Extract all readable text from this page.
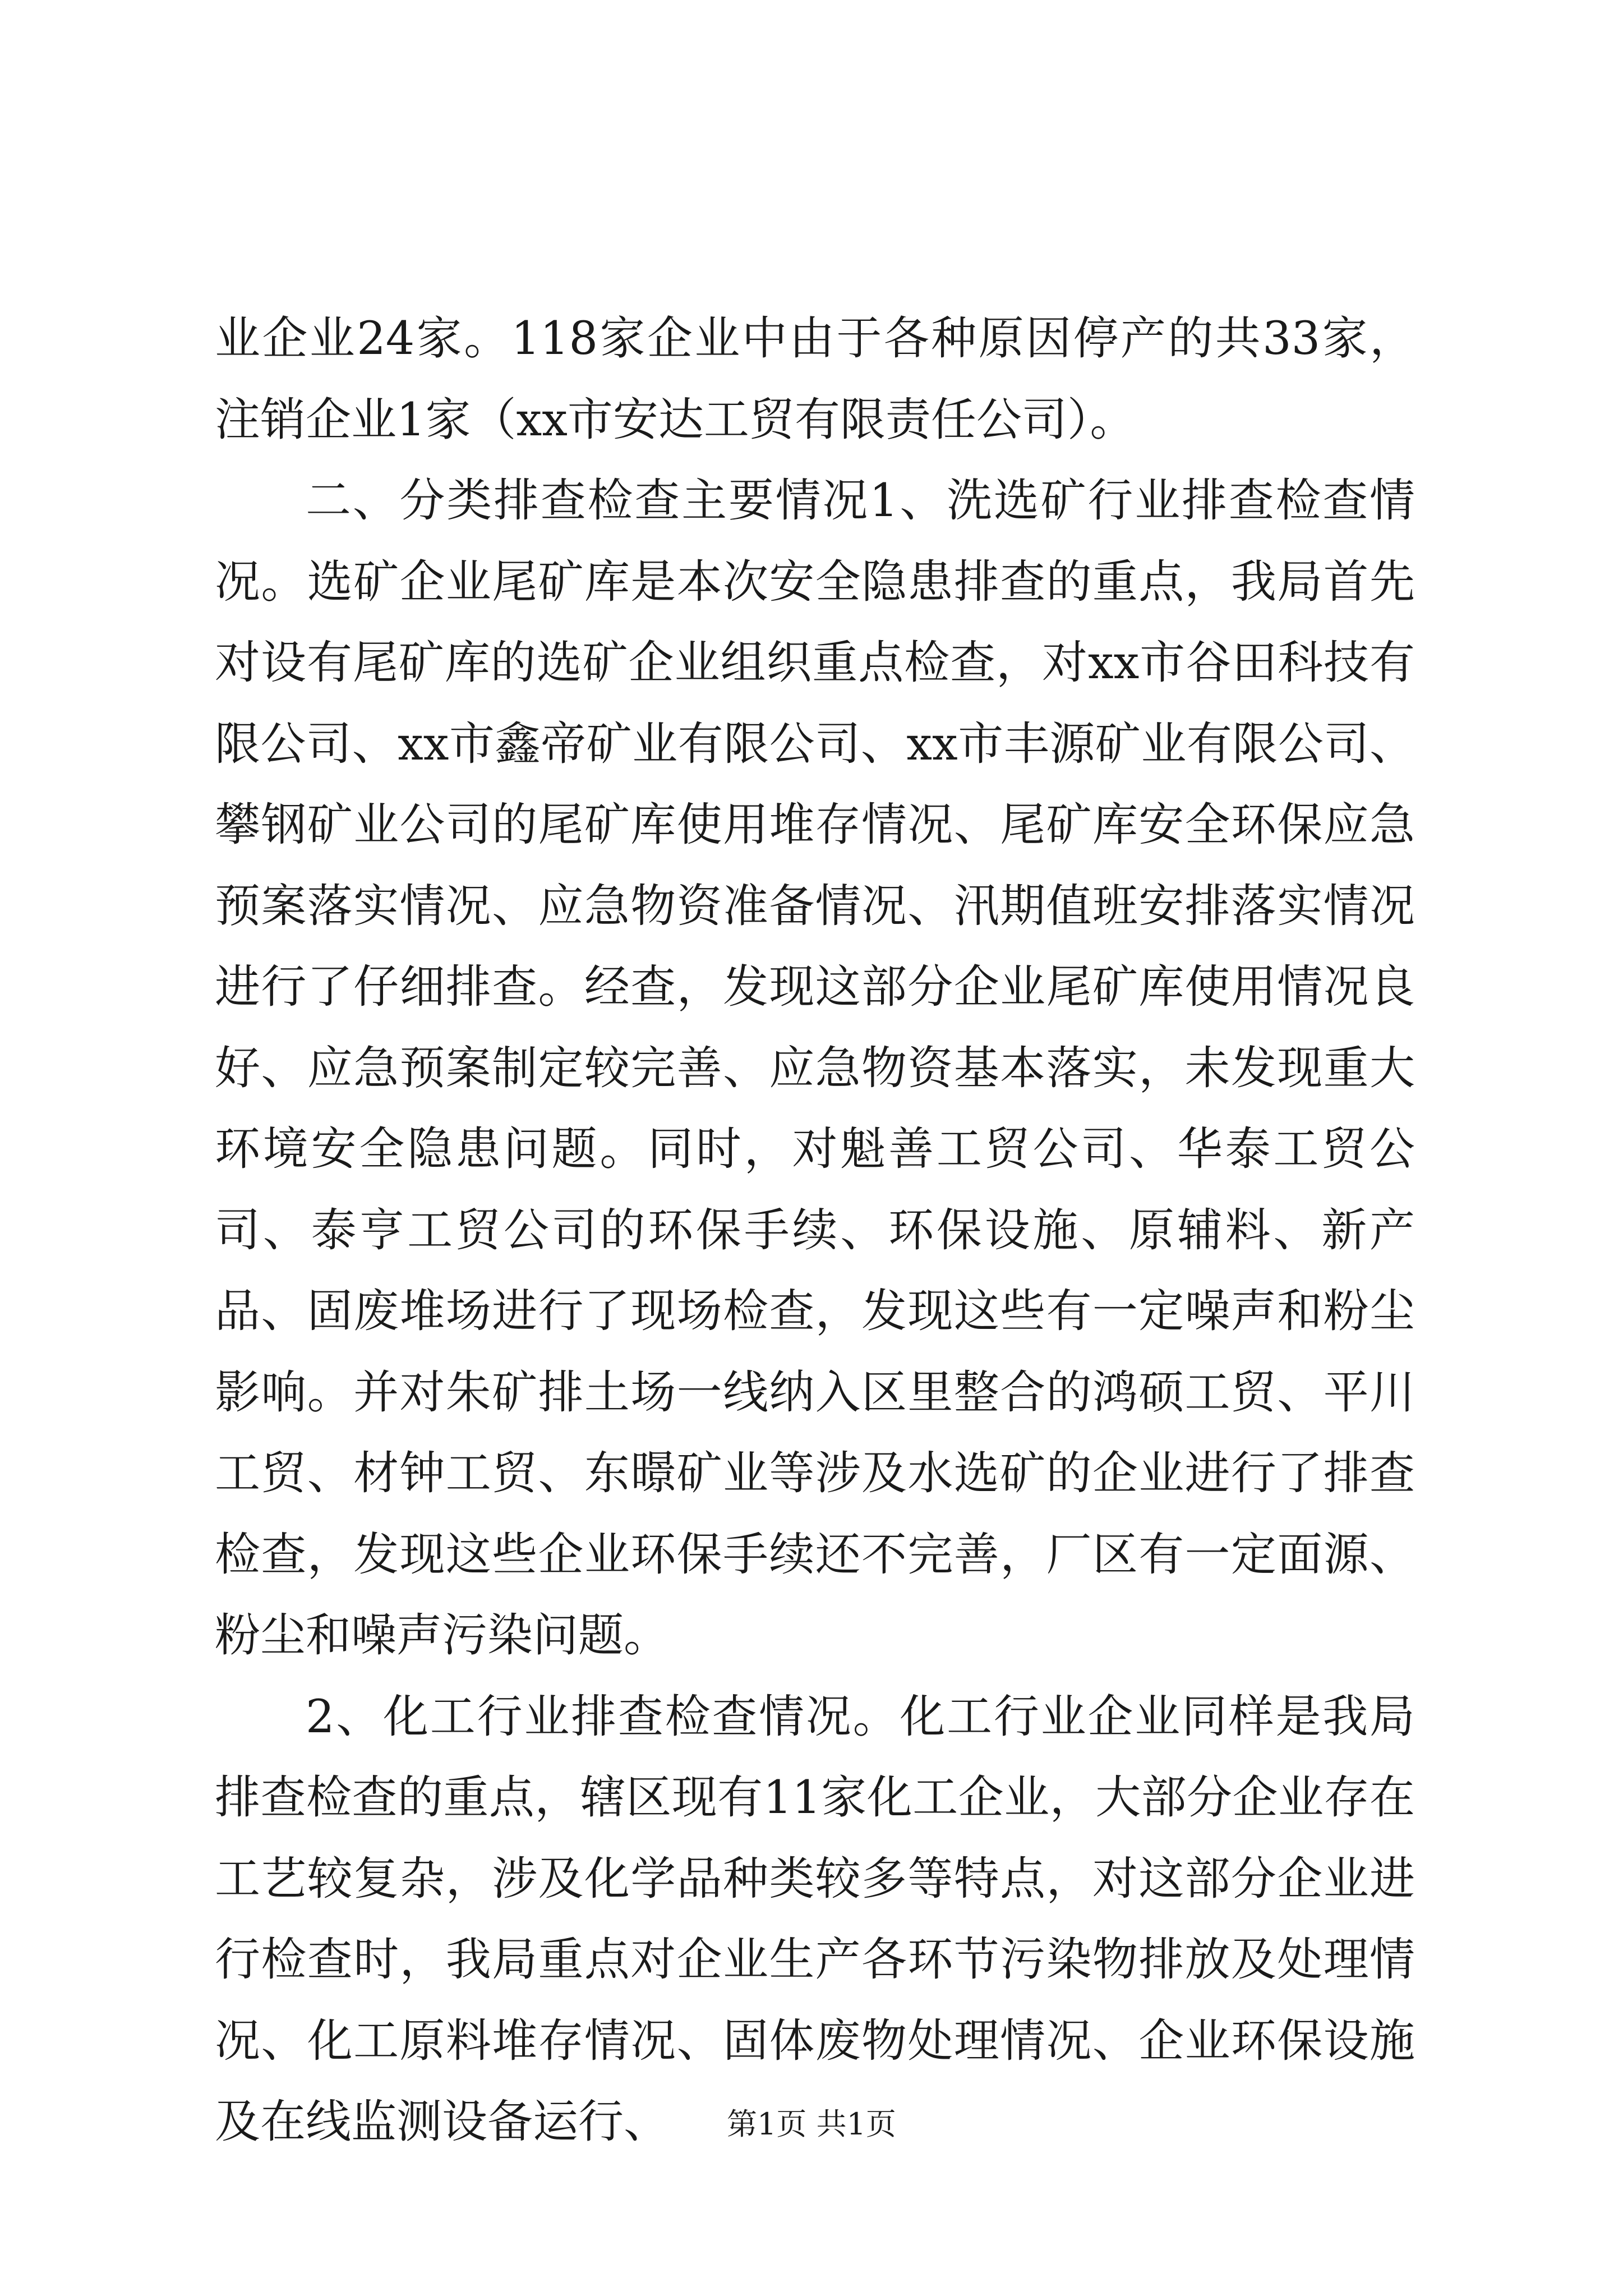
业企业24家。118家企业中由于各种原因停产的共33家，注销企业1家（xx市安达工贸有限责任公司）。

二、分类排查检查主要情况1、洗选矿行业排查检查情况。选矿企业尾矿库是本次安全隐患排查的重点，我局首先对设有尾矿库的选矿企业组织重点检查，对xx市谷田科技有限公司、xx市鑫帝矿业有限公司、xx市丰源矿业有限公司、攀钢矿业公司的尾矿库使用堆存情况、尾矿库安全环保应急预案落实情况、应急物资准备情况、汛期值班安排落实情况进行了仔细排查。经查，发现这部分企业尾矿库使用情况良好、应急预案制定较完善、应急物资基本落实，未发现重大环境安全隐患问题。同时，对魁善工贸公司、华泰工贸公司、泰亨工贸公司的环保手续、环保设施、原辅料、新产品、固废堆场进行了现场检查，发现这些有一定噪声和粉尘影响。并对朱矿排土场一线纳入区里整合的鸿硕工贸、平川工贸、材钟工贸、东暻矿业等涉及水选矿的企业进行了排查检查，发现这些企业环保手续还不完善，厂区有一定面源、粉尘和噪声污染问题。

2、化工行业排查检查情况。化工行业企业同样是我局排查检查的重点，辖区现有11家化工企业，大部分企业存在工艺较复杂，涉及化学品种类较多等特点，对这部分企业进行检查时，我局重点对企业生产各环节污染物排放及处理情况、化工原料堆存情况、固体废物处理情况、企业环保设施及在线监测设备运行、	第1页 共1页
